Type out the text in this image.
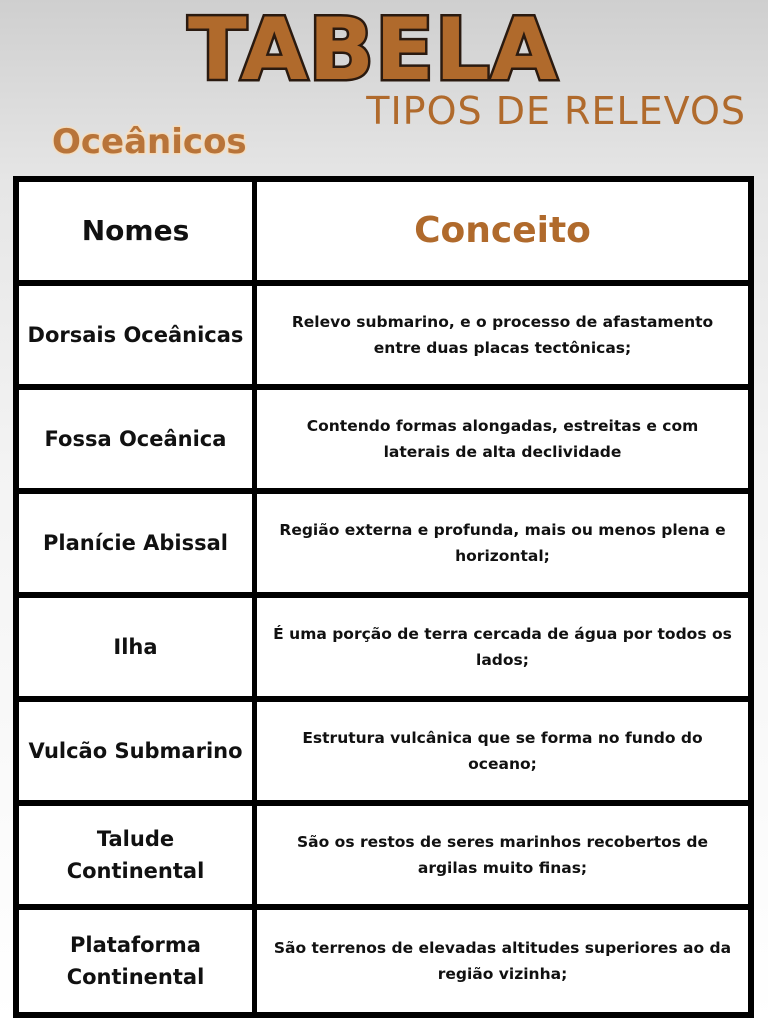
TABELA
TIPOS DE RELEVOS
Oceânicos
Nomes	Conceito
Dorsais Oceânicas
Relevo submarino, e o processo de afastamento entre duas placas tectônicas;
Fossa Oceânica
Contendo formas alongadas, estreitas e com laterais de alta declividade
Planície Abissal
Região externa e profunda, mais ou menos plena e horizontal;
Ilha
É uma porção de terra cercada de água por todos os lados;
Vulcão Submarino
Estrutura vulcânica que se forma no fundo do oceano;
Talude Continental
São os restos de seres marinhos recobertos de argilas muito finas;
Plataforma Continental
São terrenos de elevadas altitudes superiores ao da região vizinha;
